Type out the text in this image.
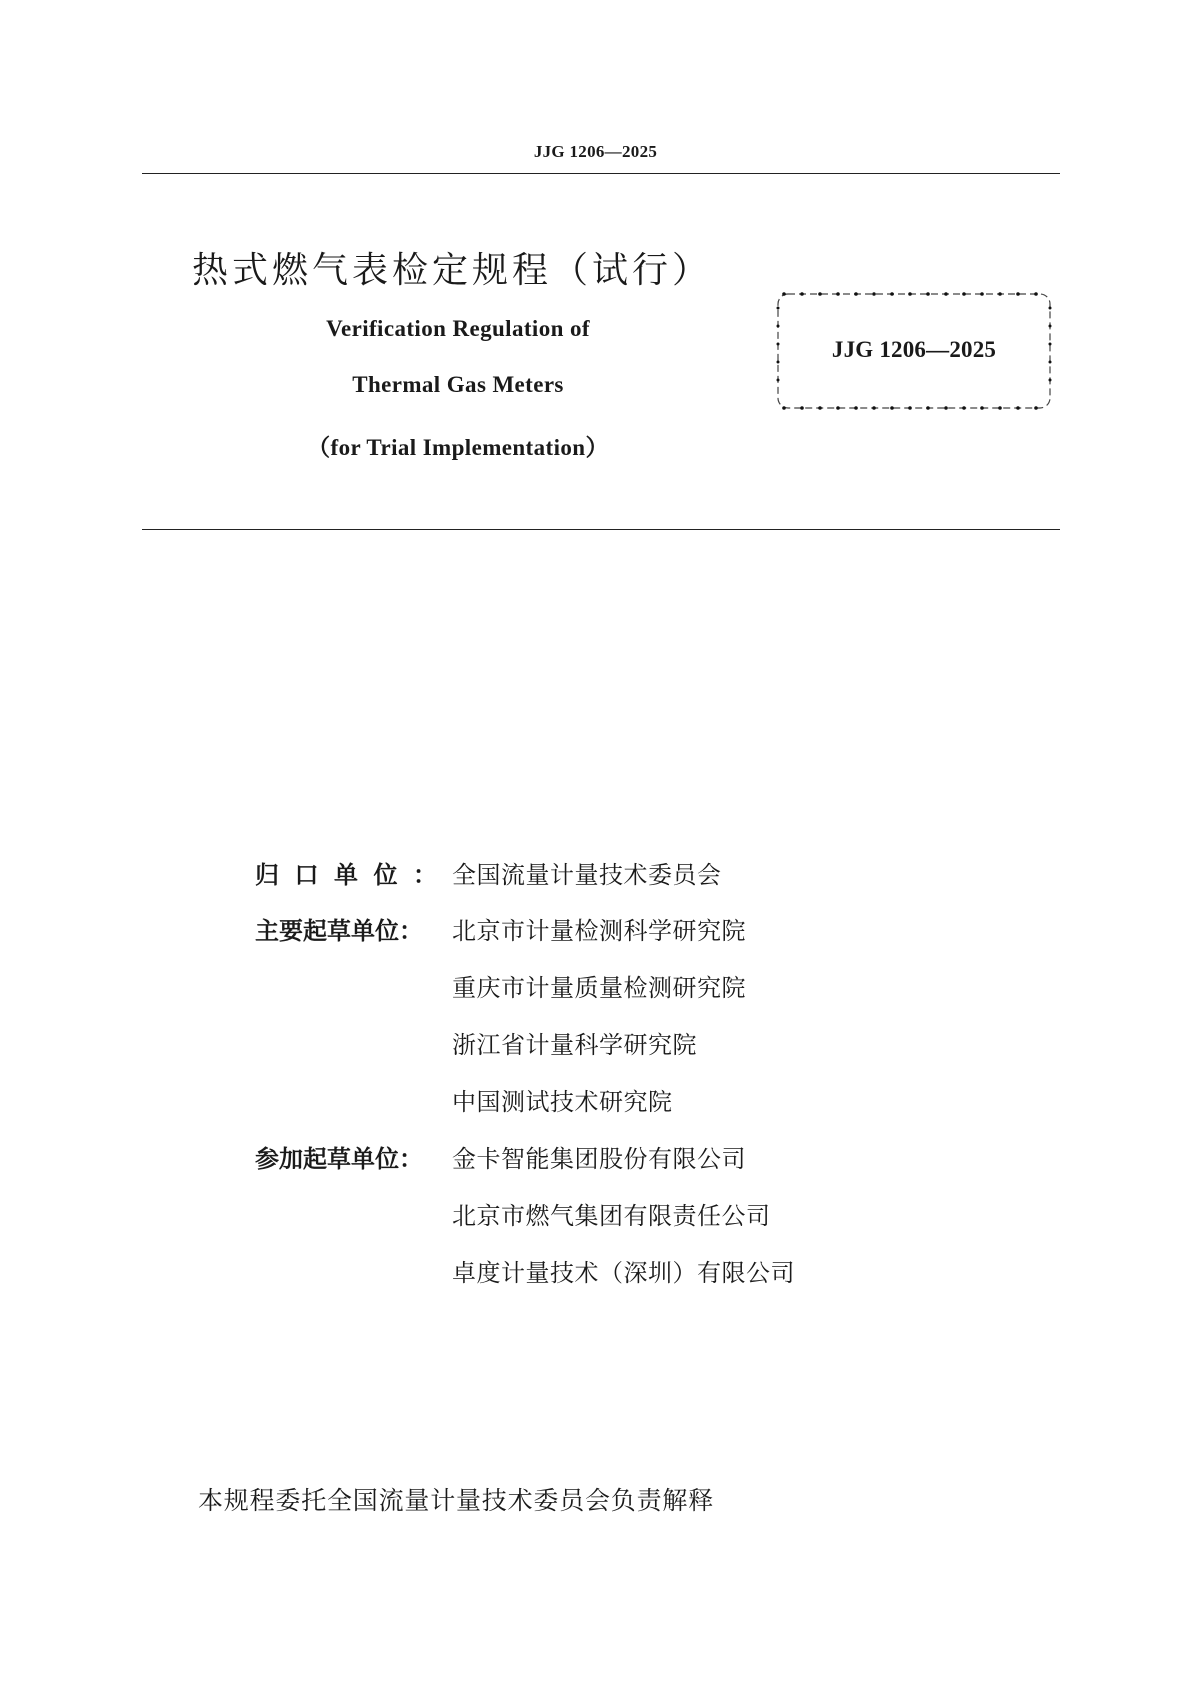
JJG 1206—2025
热式燃气表检定规程（试行）
Verification Regulation of
Thermal Gas Meters
（for Trial Implementation）
JJG 1206—2025
归口单位： 全国流量计量技术委员会
主要起草单位：	北京市计量检测科学研究院
重庆市计量质量检测研究院
浙江省计量科学研究院
中国测试技术研究院
参加起草单位：	金卡智能集团股份有限公司
北京市燃气集团有限责任公司
卓度计量技术（深圳）有限公司
本规程委托全国流量计量技术委员会负责解释
